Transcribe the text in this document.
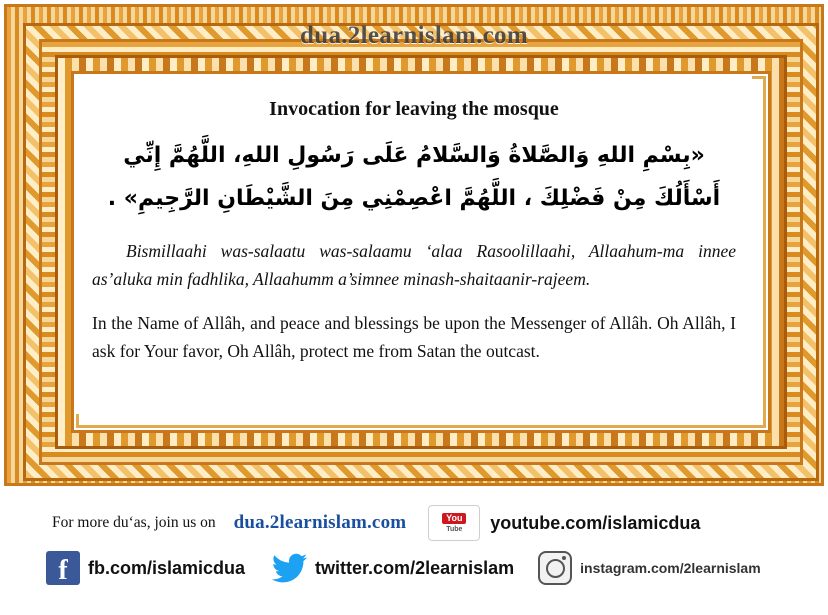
dua.2learnislam.com
Invocation for leaving the mosque
«بِسْمِ اللهِ وَالصَّلاةُ وَالسَّلامُ عَلَى رَسُولِ اللهِ، اللَّهُمَّ إِنِّي أَسْأَلُكَ مِنْ فَضْلِكَ ، اللَّهُمَّ اعْصِمْنِي مِنَ الشَّيْطَانِ الرَّجِيمِ» .
Bismillaahi was-salaatu was-salaamu ‘alaa Rasoolillaahi, Allaahum-ma innee as’aluka min fadhlika, Allaahumm a’simnee minash-shaitaanir-rajeem.
In the Name of Allâh, and peace and blessings be upon the Messenger of Allâh. Oh Allâh, I ask for Your favor, Oh Allâh, protect me from Satan the outcast.
For more du‘as, join us on dua.2learnislam.com	You
Tube youtube.com/islamicdua
f	fb.com/islamicdua	twitter.com/2learnislam	instagram.com/2learnislam
